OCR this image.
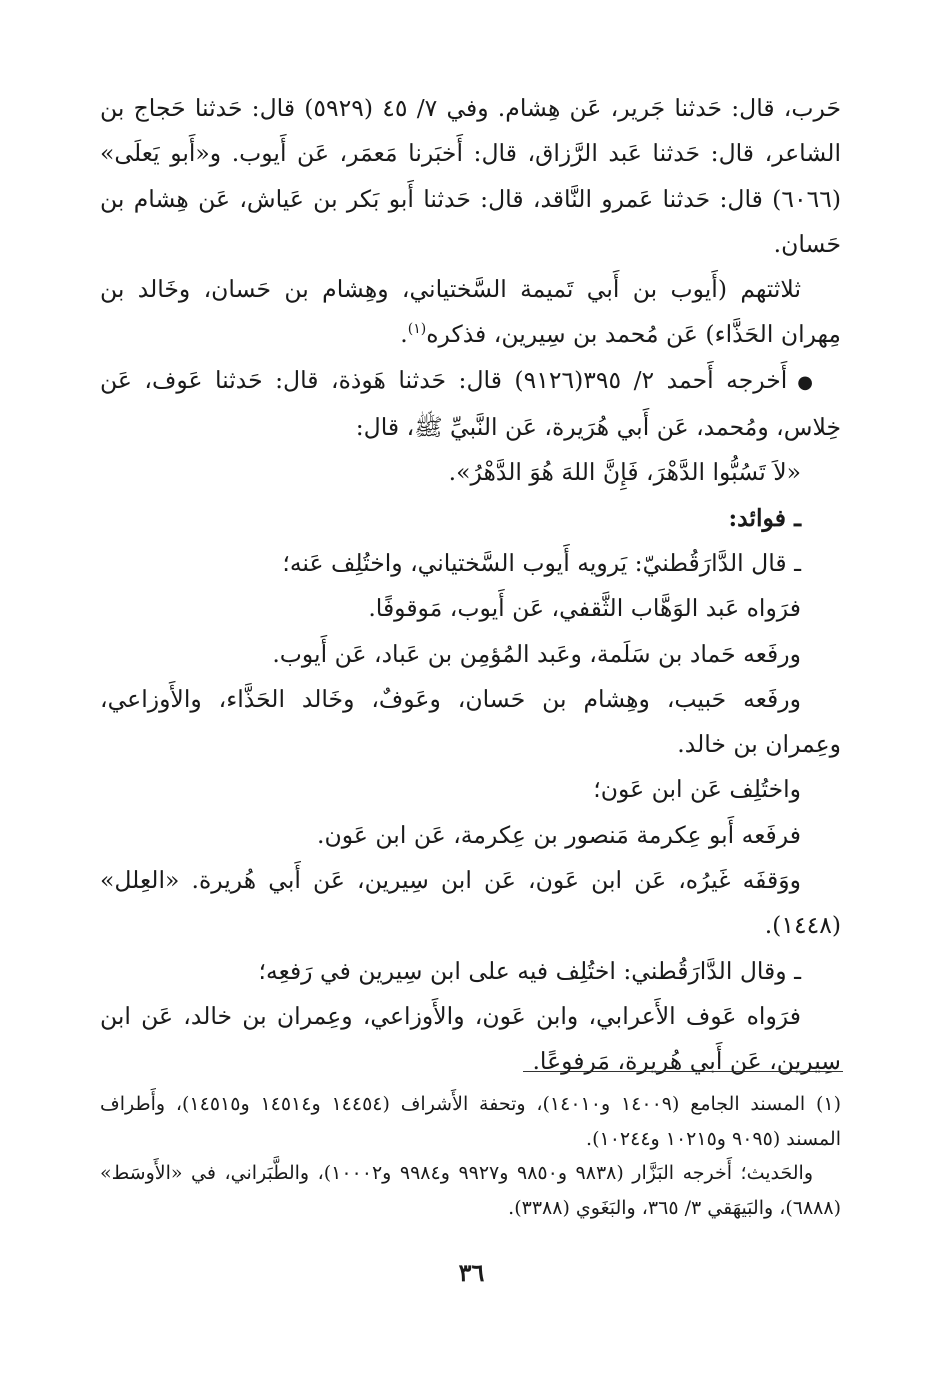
حَرب، قال: حَدثنا جَرير، عَن هِشام. وفي ٧/ ٤٥ (٥٩٢٩) قال: حَدثنا حَجاج بن الشاعر، قال: حَدثنا عَبد الرَّزاق، قال: أَخبَرنا مَعمَر، عَن أَيوب. و«أَبو يَعلَى» (٦٠٦٦) قال: حَدثنا عَمرو النَّاقد، قال: حَدثنا أَبو بَكر بن عَياش، عَن هِشام بن حَسان.

ثلاثتهم (أَيوب بن أَبي تَميمة السَّختياني، وهِشام بن حَسان، وخَالد بن مِهران الحَذَّاء) عَن مُحمد بن سِيرين، فذكره$^{(١)}$.

●أَخرجه أَحمد ٢/ ٣٩٥(٩١٢٦) قال: حَدثنا هَوذة، قال: حَدثنا عَوف، عَن خِلاس، ومُحمد، عَن أَبي هُرَيرة، عَن النَّبيِّ ﷺ، قال:

«لاَ تَسُبُّوا الدَّهْرَ، فَإِنَّ اللهَ هُوَ الدَّهْرُ».

ـ فوائد:

ـ قال الدَّارَقُطنيّ: يَرويه أَيوب السَّختياني، واختُلِف عَنه؛

فرَواه عَبد الوَهَّاب الثَّقفي، عَن أَيوب، مَوقوفًا.

ورفَعه حَماد بن سَلَمة، وعَبد المُؤمِن بن عَباد، عَن أَيوب.

ورفَعه حَبيب، وهِشام بن حَسان، وعَوفٌ، وخَالد الحَذَّاء، والأَوزاعي، وعِمران بن خالد.

واختُلِف عَن ابن عَون؛

فرفَعه أَبو عِكرمة مَنصور بن عِكرمة، عَن ابن عَون.

ووَقفَه غَيرُه، عَن ابن عَون، عَن ابن سِيرين، عَن أَبي هُريرة. «العِلل» (١٤٤٨).

ـ وقال الدَّارَقُطني: اختُلِف فيه على ابن سِيرين في رَفعِه؛

فرَواه عَوف الأَعرابي، وابن عَون، والأَوزاعي، وعِمران بن خالد، عَن ابن سِيرين، عَن أَبي هُريرة، مَرفوعًا.

(١) المسند الجامع (١٤٠٠٩ و١٤٠١٠)، وتحفة الأَشراف (١٤٤٥٤ و١٤٥١٤ و١٤٥١٥)، وأَطراف المسند (٩٠٩٥ و١٠٢١٥ و١٠٢٤٤).

والحَديث؛ أَخرجه البَزَّار (٩٨٣٨ و٩٨٥٠ و٩٩٢٧ و٩٩٨٤ و١٠٠٠٢)، والطَّبَراني، في «الأَوسَط» (٦٨٨٨)، والبَيهَقي ٣/ ٣٦٥، والبَغَوي (٣٣٨٨).

٣٦
